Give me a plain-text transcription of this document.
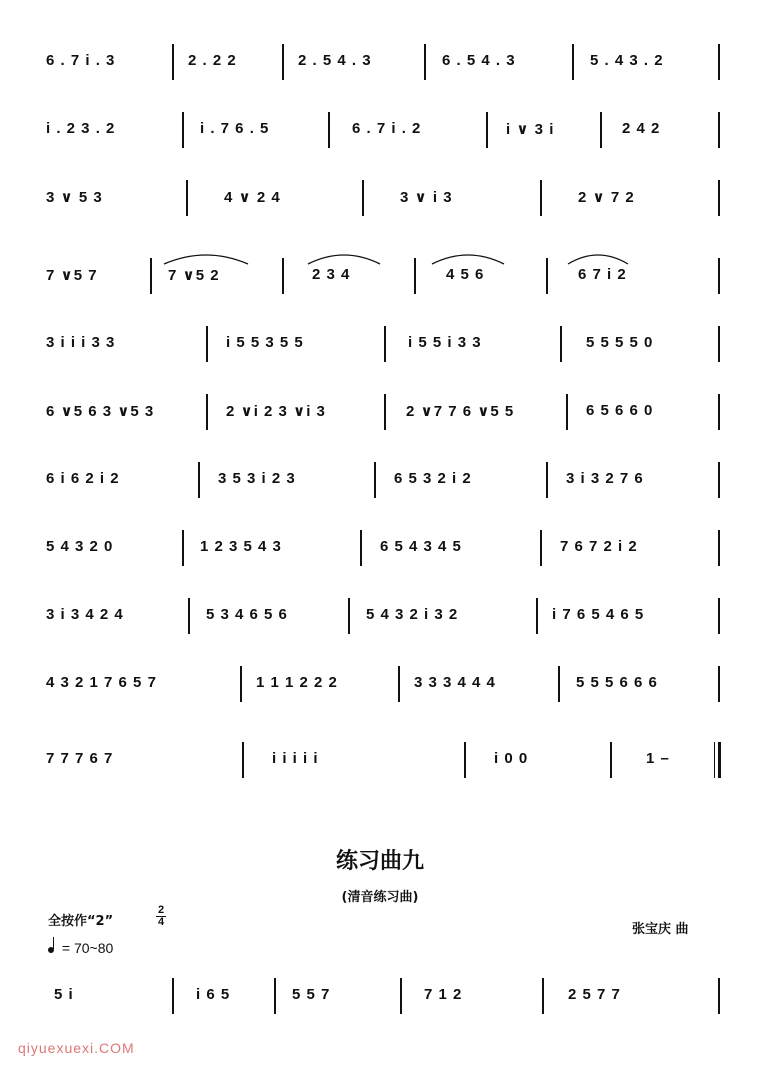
6 . 7 i . 3	2 . 2 2	2 . 5 4 . 3	6 . 5 4 . 3	5 . 4 3 . 2
i . 2 3 . 2	i . 7 6 . 5	6 . 7 i . 2	i ∨ 3 i	2 4 2
3 ∨ 5 3	4 ∨ 2 4	3 ∨ i 3	2 ∨ 7 2
7 ∨5 7	7 ∨5 2	2 3 4	4 5 6	6 7 i 2
3 i i i 3 3	i 5 5 3 5 5	i 5 5 i 3 3	5 5 5 5 0
6 ∨5 6 3 ∨5 3	2 ∨i 2 3 ∨i 3	2 ∨7 7 6 ∨5 5	6 5 6 6 0
6 i 6 2 i 2	3 5 3 i 2 3	6 5 3 2 i 2	3 i 3 2 7 6
5 4 3 2 0	1 2 3 5 4 3	6 5 4 3 4 5	7 6 7 2 i 2
3 i 3 4 2 4	5 3 4 6 5 6	5 4 3 2 i 3 2	i 7 6 5 4 6 5
4 3 2 1 7 6 5 7	1 1 1 2 2 2	3 3 3 4 4 4	5 5 5 6 6 6
7 7 7 6 7	i i i i i	i 0 0	1 –
练习曲九
(清音练习曲)
全按作“2”
2
4	张宝庆 曲
= 70~80
5 i	i 6 5	5 5 7	7 1 2	2 5 7 7
qiyuexuexi.COM
